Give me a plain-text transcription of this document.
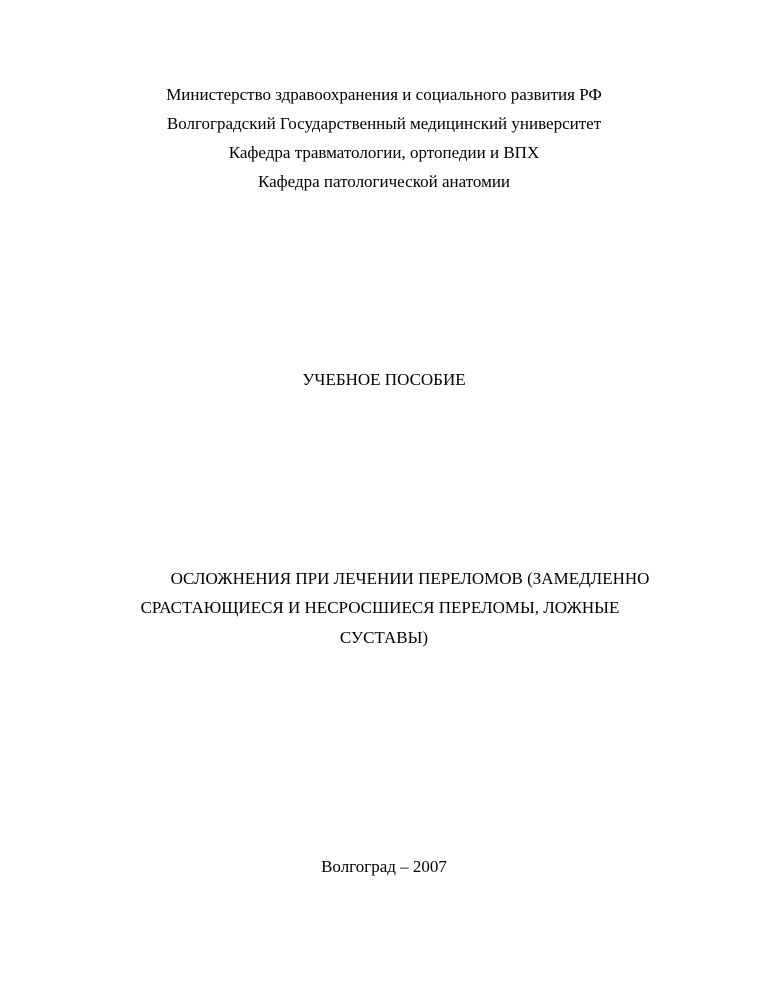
Министерство здравоохранения и социального развития РФ
Волгоградский Государственный медицинский университет
Кафедра травматологии, ортопедии и ВПХ
Кафедра патологической анатомии
УЧЕБНОЕ ПОСОБИЕ
ОСЛОЖНЕНИЯ ПРИ ЛЕЧЕНИИ ПЕРЕЛОМОВ (ЗАМЕДЛЕННО
СРАСТАЮЩИЕСЯ И НЕСРОСШИЕСЯ ПЕРЕЛОМЫ, ЛОЖНЫЕ
СУСТАВЫ)
Волгоград – 2007
